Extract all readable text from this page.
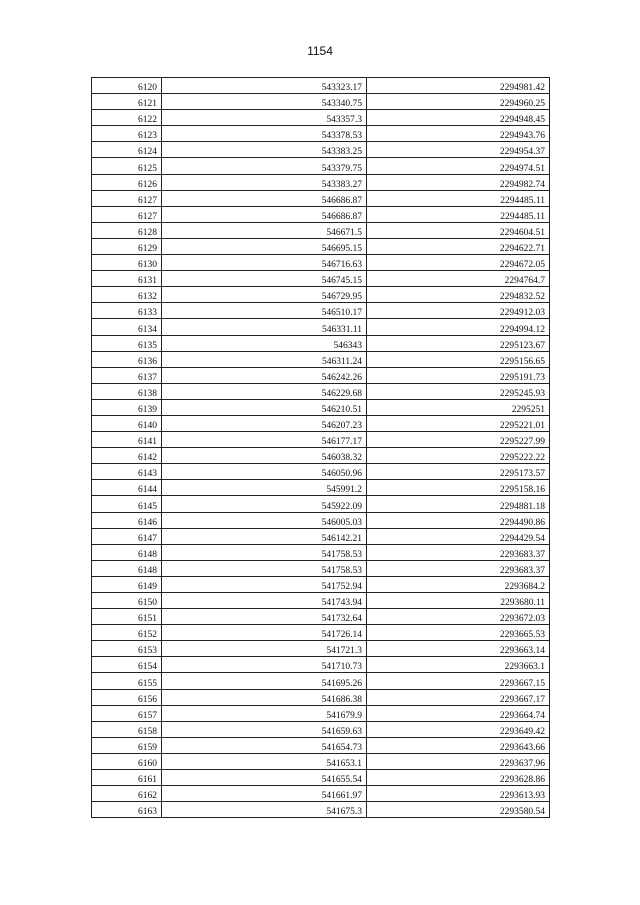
1154
6120	543323.17	2294981.42
6121	543340.75	2294960.25
6122	543357.3	2294948.45
6123	543378.53	2294943.76
6124	543383.25	2294954.37
6125	543379.75	2294974.51
6126	543383.27	2294982.74
6127	546686.87	2294485.11
6127	546686.87	2294485.11
6128	546671.5	2294604.51
6129	546695.15	2294622.71
6130	546716.63	2294672.05
6131	546745.15	2294764.7
6132	546729.95	2294832.52
6133	546510.17	2294912.03
6134	546331.11	2294994.12
6135	546343	2295123.67
6136	546311.24	2295156.65
6137	546242.26	2295191.73
6138	546229.68	2295245.93
6139	546210.51	2295251
6140	546207.23	2295221.01
6141	546177.17	2295227.99
6142	546038.32	2295222.22
6143	546050.96	2295173.57
6144	545991.2	2295158.16
6145	545922.09	2294881.18
6146	546005.03	2294490.86
6147	546142.21	2294429.54
6148	541758.53	2293683.37
6148	541758.53	2293683.37
6149	541752.94	2293684.2
6150	541743.94	2293680.11
6151	541732.64	2293672.03
6152	541726.14	2293665.53
6153	541721.3	2293663.14
6154	541710.73	2293663.1
6155	541695.26	2293667.15
6156	541686.38	2293667.17
6157	541679.9	2293664.74
6158	541659.63	2293649.42
6159	541654.73	2293643.66
6160	541653.1	2293637.96
6161	541655.54	2293628.86
6162	541661.97	2293613.93
6163	541675.3	2293580.54
